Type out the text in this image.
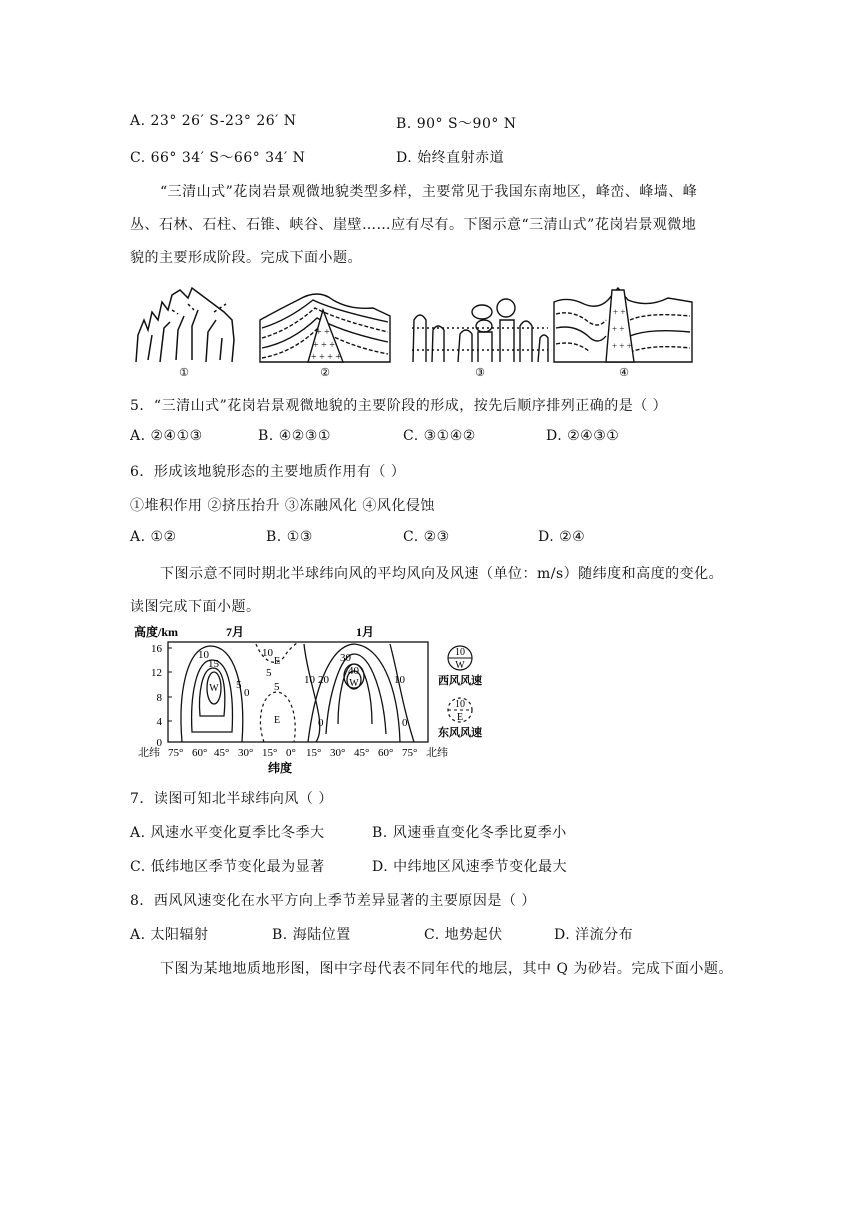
A. 23° 26′ S-23° 26′ N	B. 90° S～90° N
C. 66° 34′ S～66° 34′ N	D. 始终直射赤道
“三清山式”花岗岩景观微地貌类型多样，主要常见于我国东南地区，峰峦、峰墙、峰
丛、石林、石柱、石锥、峡谷、崖壁……应有尽有。下图示意“三清山式”花岗岩景观微地
貌的主要形成阶段。完成下面小题。
①
+ +
+ + +
+ + + +
②	③
+ +
+ +
+ + +
④
5．“三清山式”花岗岩景观微地貌的主要阶段的形成，按先后顺序排列正确的是（ ）
A. ②④①③	B. ④②③①	C. ③①④②	D. ②④③①
6．形成该地貌形态的主要地质作用有（ ）
①堆积作用 ②挤压抬升 ③冻融风化 ④风化侵蚀
A. ①②	B. ①③	C. ②③	D. ②④
下图示意不同时期北半球纬向风的平均风向及风速（单位：m/s）随纬度和高度的变化。
读图完成下面小题。
高度/km	7月	1月
16
12
8
4
0
10
15
W 5
0
10
E
5
5
E
30
40
W
10 20	10
0	0
北纬 75° 60° 45° 30° 15° 0° 15° 30° 45° 60° 75° 北纬
纬度
10
W
西风风速
10
E
东风风速
7．读图可知北半球纬向风（ ）
A. 风速水平变化夏季比冬季大	B. 风速垂直变化冬季比夏季小
C. 低纬地区季节变化最为显著	D. 中纬地区风速季节变化最大
8．西风风速变化在水平方向上季节差异显著的主要原因是（ ）
A. 太阳辐射	B. 海陆位置	C. 地势起伏	D. 洋流分布
下图为某地地质地形图，图中字母代表不同年代的地层，其中 Q 为砂岩。完成下面小题。
